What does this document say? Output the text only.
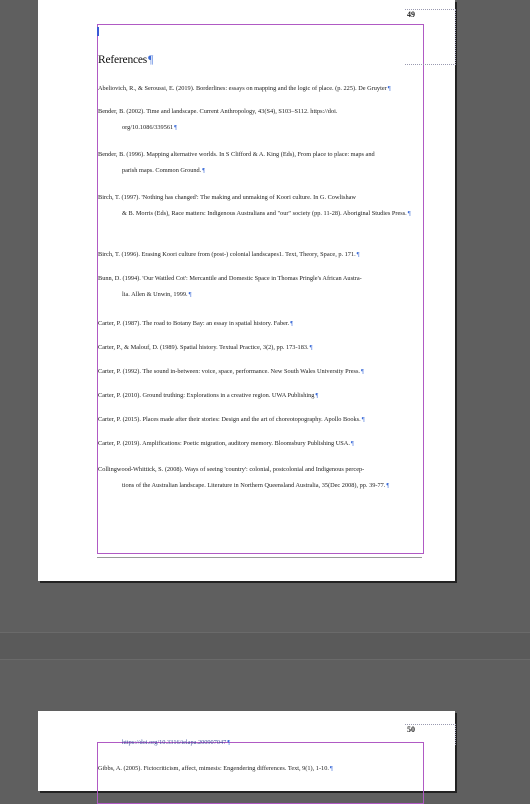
49
References¶
Abeliovich, R., & Seroussi, E. (2019). Borderlines: essays on mapping and the logic of place. (p. 225). De Gruyter¶
Bender, B. (2002). Time and landscape. Current Anthropology, 43(S4), S103–S112. https://doi.
org/10.1086/339561¶
Bender, B. (1996). Mapping alternative worlds. In S Clifford & A. King (Eds), From place to place: maps and
parish maps. Common Ground.¶
Birch, T. (1997). 'Nothing has changed': The making and unmaking of Koori culture. In G. Cowlishaw
& B. Morris (Eds), Race matters: Indigenous Australians and "our" society (pp. 11-28). Aboriginal Studies Press.¶
Birch, T. (1996). Erasing Koori culture from (post-) colonial landscapes1. Text, Theory, Space, p. 171.¶
Bunn, D. (1994). 'Our Wattled Cot': Mercantile and Domestic Space in Thomas Pringle's African Austra-
lia. Allen & Unwin, 1999.¶
Carter, P. (1987). The road to Botany Bay: an essay in spatial history. Faber.¶
Carter, P., & Malouf, D. (1989). Spatial history. Textual Practice, 3(2), pp. 173-183.¶
Carter, P. (1992). The sound in-between: voice, space, performance. New South Wales University Press.¶
Carter, P. (2010). Ground truthing: Explorations in a creative region. UWA Publishing¶
Carter, P. (2015). Places made after their stories: Design and the art of choreotopography. Apollo Books.¶
Carter, P. (2019). Amplifications: Poetic migration, auditory memory. Bloomsbury Publishing USA.¶
Collingwood-Whittick, S. (2008). Ways of seeing 'country': colonial, postcolonial and Indigenous percep-
tions of the Australian landscape. Literature in Northern Queensland Australia, 35(Dec 2008), pp. 39-77.¶
50
https://doi.org/10.3316/ielapa.200907047¶
Gibbs, A. (2005). Fictocriticism, affect, mimesis: Engendering differences. Text, 9(1), 1-10.¶
